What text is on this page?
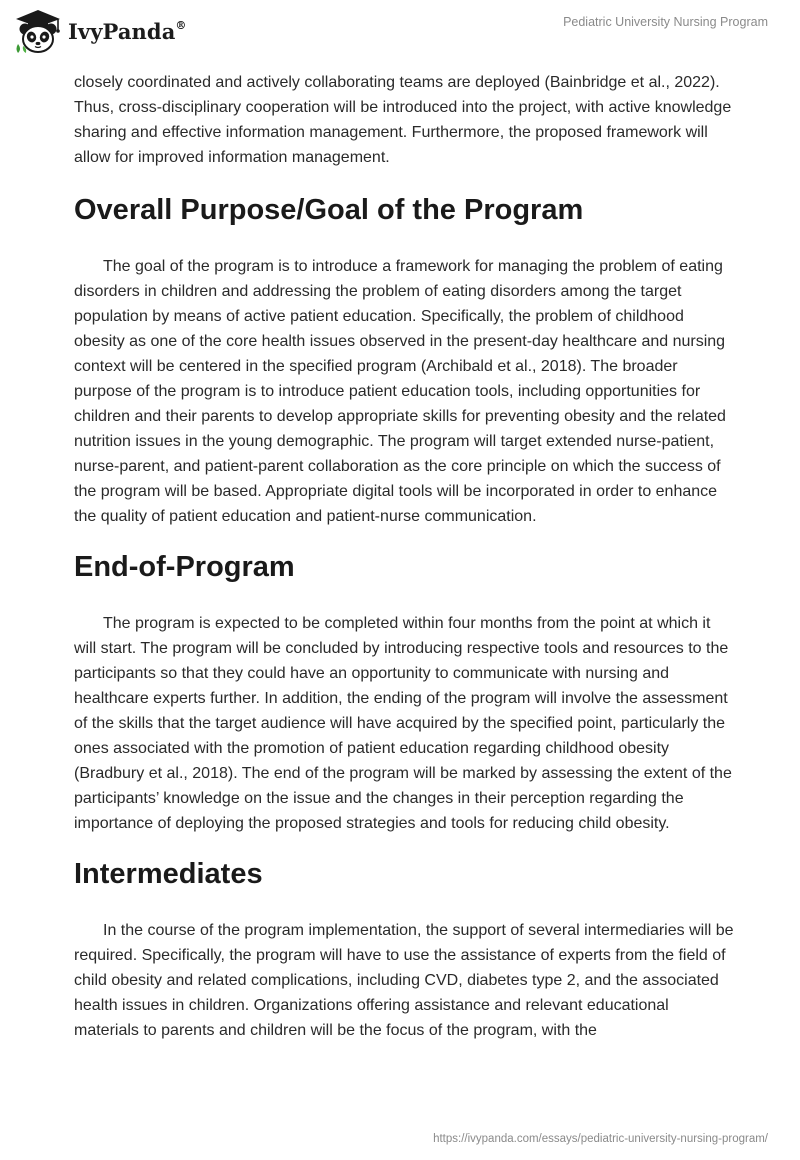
IvyPanda®	Pediatric University Nursing Program

closely coordinated and actively collaborating teams are deployed (Bainbridge et al., 2022). Thus, cross-disciplinary cooperation will be introduced into the project, with active knowledge sharing and effective information management. Furthermore, the proposed framework will allow for improved information management.

Overall Purpose/Goal of the Program

The goal of the program is to introduce a framework for managing the problem of eating disorders in children and addressing the problem of eating disorders among the target population by means of active patient education. Specifically, the problem of childhood obesity as one of the core health issues observed in the present-day healthcare and nursing context will be centered in the specified program (Archibald et al., 2018). The broader purpose of the program is to introduce patient education tools, including opportunities for children and their parents to develop appropriate skills for preventing obesity and the related nutrition issues in the young demographic. The program will target extended nurse-patient, nurse-parent, and patient-parent collaboration as the core principle on which the success of the program will be based. Appropriate digital tools will be incorporated in order to enhance the quality of patient education and patient-nurse communication.

End-of-Program

The program is expected to be completed within four months from the point at which it will start. The program will be concluded by introducing respective tools and resources to the participants so that they could have an opportunity to communicate with nursing and healthcare experts further. In addition, the ending of the program will involve the assessment of the skills that the target audience will have acquired by the specified point, particularly the ones associated with the promotion of patient education regarding childhood obesity (Bradbury et al., 2018). The end of the program will be marked by assessing the extent of the participants’ knowledge on the issue and the changes in their perception regarding the importance of deploying the proposed strategies and tools for reducing child obesity.

Intermediates

In the course of the program implementation, the support of several intermediaries will be required. Specifically, the program will have to use the assistance of experts from the field of child obesity and related complications, including CVD, diabetes type 2, and the associated health issues in children. Organizations offering assistance and relevant educational materials to parents and children will be the focus of the program, with the

https://ivypanda.com/essays/pediatric-university-nursing-program/
